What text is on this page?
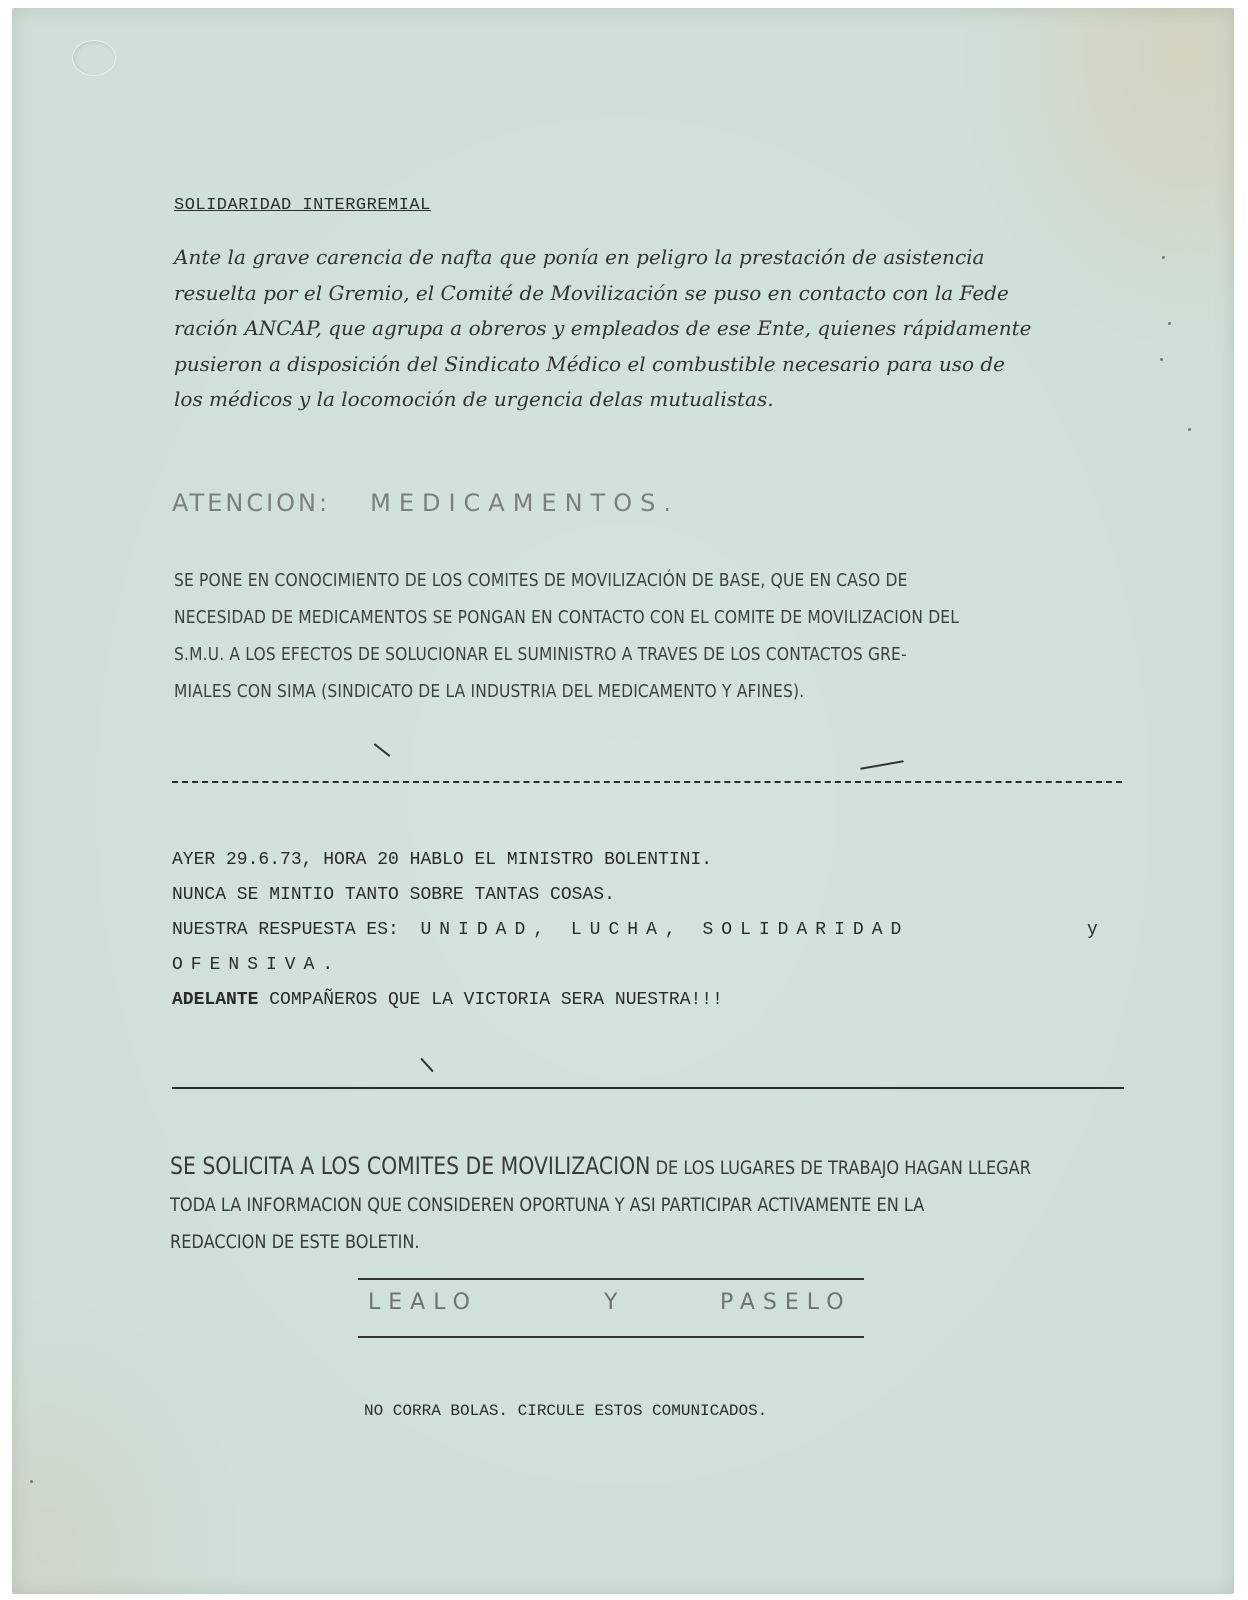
SOLIDARIDAD INTERGREMIAL
Ante la grave carencia de nafta que ponía en peligro la prestación de asistencia
resuelta por el Gremio, el Comité de Movilización se puso en contacto con la Fede
ración ANCAP, que agrupa a obreros y empleados de ese Ente, quienes rápidamente
pusieron a disposición del Sindicato Médico el combustible necesario para uso de
los médicos y la locomoción de urgencia delas mutualistas.
ATENCION: MEDICAMENTOS.
SE PONE EN CONOCIMIENTO DE LOS COMITES DE MOVILIZACIÓN DE BASE, QUE EN CASO DE
NECESIDAD DE MEDICAMENTOS SE PONGAN EN CONTACTO CON EL COMITE DE MOVILIZACION DEL
S.M.U. A LOS EFECTOS DE SOLUCIONAR EL SUMINISTRO A TRAVES DE LOS CONTACTOS GRE-
MIALES CON SIMA (SINDICATO DE LA INDUSTRIA DEL MEDICAMENTO Y AFINES).
AYER 29.6.73, HORA 20 HABLO EL MINISTRO BOLENTINI.
NUNCA SE MINTIO TANTO SOBRE TANTAS COSAS.
NUESTRA RESPUESTA ES: UNIDAD, LUCHA, SOLIDARIDAD	y
OFENSIVA.
ADELANTE COMPAÑEROS QUE LA VICTORIA SERA NUESTRA!!!
SE SOLICITA A LOS COMITES DE MOVILIZACION DE LOS LUGARES DE TRABAJO HAGAN LLEGAR
TODA LA INFORMACION QUE CONSIDEREN OPORTUNA Y ASI PARTICIPAR ACTIVAMENTE EN LA
REDACCION DE ESTE BOLETIN.
LEALO	Y	PASELO
NO CORRA BOLAS. CIRCULE ESTOS COMUNICADOS.
